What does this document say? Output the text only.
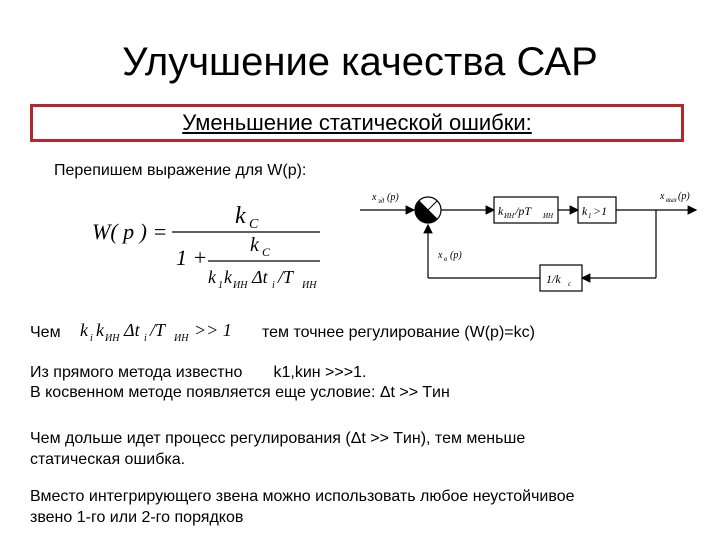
Улучшение качества САР
Уменьшение статической ошибки:
Перепишем выражение для W(p):
W( p ) =
k C
1 + k C
k 1 k ИН Δt i /T ИН
x зд (p)
k ИН /pT ИН k 1 >1
x вых (p)
1/k c
x в (p)
Чем k i k ИН Δt i /T ИН >> 1 тем точнее регулирование (W(p)=kc)
Из прямого метода известно       k1,kин >>>1.
В косвенном методе появляется еще условие: Δt >> Tин
Чем дольше идет процесс регулирования (Δt >> Tин), тем меньше
статическая ошибка.
Вместо интегрирующего звена можно использовать любое неустойчивое
звено 1-го или 2-го порядков
